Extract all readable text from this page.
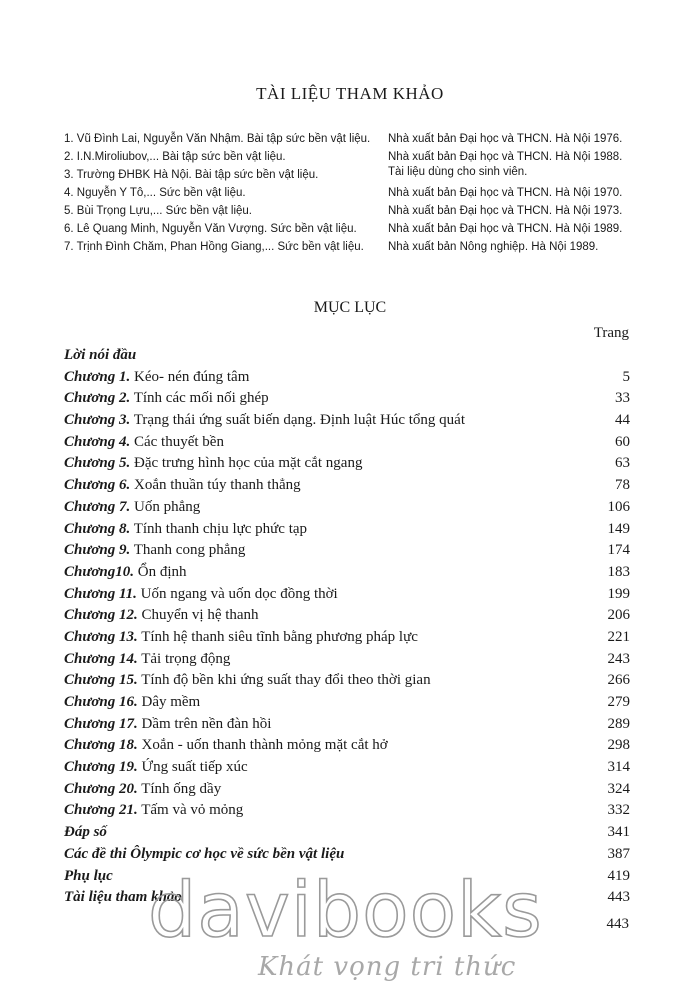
TÀI LIỆU THAM KHẢO
1. Vũ Đình Lai, Nguyễn Văn Nhậm. Bài tập sức bền vật liệu. Nhà xuất bản Đại học và THCN. Hà Nội 1976.
2. I.N.Miroliubov,... Bài tập sức bền vật liệu.	Nhà xuất bản Đại học và THCN. Hà Nội 1988.
Tài liệu dùng cho sinh viên.
3. Trường ĐHBK Hà Nội. Bài tập sức bền vật liệu.
4. Nguyễn Y Tô,... Sức bền vật liệu.	Nhà xuất bản Đại học và THCN. Hà Nội 1970.
5. Bùi Trọng Lựu,... Sức bền vật liệu.	Nhà xuất bản Đại học và THCN. Hà Nội 1973.
6. Lê Quang Minh, Nguyễn Văn Vượng. Sức bền vật liệu.	Nhà xuất bản Đại học và THCN. Hà Nội 1989.
7. Trịnh Đình Chăm, Phan Hồng Giang,... Sức bền vật liệu. Nhà xuất bản Nông nghiệp. Hà Nội 1989.
MỤC LỤC
Trang
Lời nói đầu
Chương 1. Kéo- nén đúng tâm	5
Chương 2. Tính các mối nối ghép	33
Chương 3. Trạng thái ứng suất biến dạng. Định luật Húc tổng quát	44
Chương 4. Các thuyết bền	60
Chương 5. Đặc trưng hình học của mặt cắt ngang	63
Chương 6. Xoắn thuần túy thanh thẳng	78
Chương 7. Uốn phẳng	106
Chương 8. Tính thanh chịu lực phức tạp	149
Chương 9. Thanh cong phẳng	174
Chương10. Ổn định	183
Chương 11. Uốn ngang và uốn dọc đồng thời	199
Chương 12. Chuyển vị hệ thanh	206
Chương 13. Tính hệ thanh siêu tĩnh bằng phương pháp lực	221
Chương 14. Tải trọng động	243
Chương 15. Tính độ bền khi ứng suất thay đổi theo thời gian	266
Chương 16. Dây mềm	279
Chương 17. Dầm trên nền đàn hồi	289
Chương 18. Xoắn - uốn thanh thành mỏng mặt cắt hở	298
Chương 19. Ứng suất tiếp xúc	314
Chương 20. Tính ống dầy	324
Chương 21. Tấm và vỏ mỏng	332
Đáp số	341
Các đề thi Ôlympic cơ học về sức bền vật liệu	387
Phụ lục	419
Tài liệu tham khảo	443
443
davibooks
Khát vọng tri thức
